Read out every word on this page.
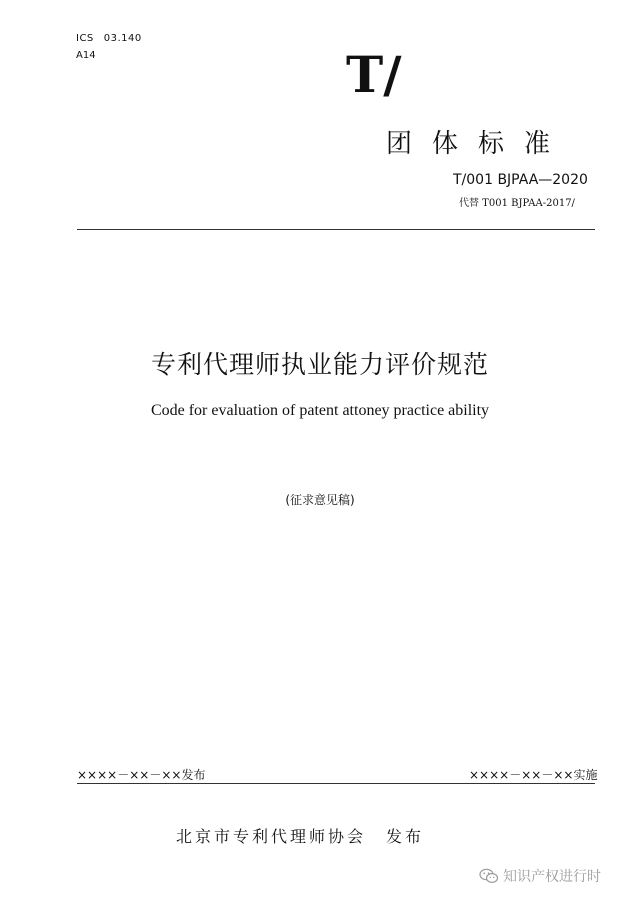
ICS 03.140
A14	T/
团体标准
T/001 BJPAA—2020
代替 T001 BJPAA-2017/
专利代理师执业能力评价规范
Code for evaluation of patent attoney practice ability
(征求意见稿)
××××－××－××发布	××××－××－××实施
北京市专利代理师协会 发布
知识产权进行时
